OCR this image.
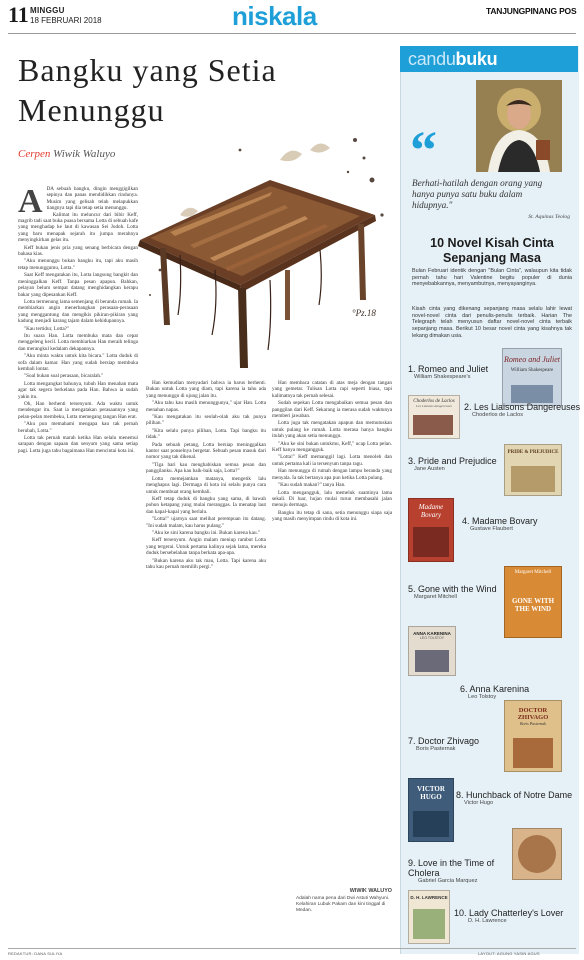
11 MINGGU
18 FEBRUARI 2018	niskala	TANJUNGPINANG POS
Bangku yang Setia
Menunggu
Cerpen Wiwik Waluyo
°Pz.18
A DA sebuah bangku, dingin menggigilkan sepinya dan panas mendidihkan rindunya. Musim yang gelisah telah melapukkan tiangnya tapi dia tetap setia menunggu.

Kalimat itu meluncur dari bibir Keff, magrib tadi saat buka puasa bersama Lotta di sebuah kafe yang menghadap ke laut di kawasan Sei Jodoh. Lotta yang baru menapak sejarah itu jumpa merahnya menyingkirkan gelas itu.

Keff bukan jenis pria yang senang berbicara dengan bahasa kias.

"Aku menunggu bukan bangku itu, tapi aku masih tetap menunggumu, Lotta."

Saat Keff mengatakan itu, Lotta langsung bangkit dan meninggalkan Keff. Tanpa pesan apapun. Bahkan, pelayan belum sempat datang menghidangkan kerapu bakar yang dipesankan Keff.

Lotta termenung lama semenjang di beranda rumah. Ia membiarkan angin menerbangkan perasaan-perasaan yang menggantung dan mengikis pikiran-pikiran yang kadung menjadi karang tajam dalam kehidupannya.

"Kau tertidur, Lotta?"

Itu suara Han. Lotta membuka mata dan cepat menggeleng kecil. Lotta membiarkan Han meraih telinga dan merangkul kedalam dekapannya.

"Aku minta waktu untuk kita bicara." Lotta duduk di sofa dalam kamar. Han yang sudah bersiap membuka kembali lontar.

"Soal bukan soal perasaan, bicaralah."

Lotta mengangkat bahunya, tubuh Han menahan mata agar tak segera berkelana pada Han. Bahwa ia sudah yakin itu.

Oh, Han berhenti tersenyum. Ada waktu untuk mendengar itu. Saat ia mengatakan perasaannya yang pelan-pelan membeku, Lotta memegang tangan Han erat.

"Aku pun memahami mengapa kau tak pernah berubah, Lotta."

Lotta tak pernah marah ketika Han selalu menemui sarapan dengan sapaan dan senyum yang sama setiap pagi. Lotta juga tahu bagaimana Han mencintai kota ini.

Han kemudian menyadari bahwa ia harus berhenti. Bukan untuk Lotta yang diam, tapi karena ia tahu ada yang menunggu di ujung jalan itu.

"Aku tahu kau masih menunggunya," ujar Han. Lotta menahan napas.

"Kau mengatakan itu seolah-olah aku tak punya pilihan."

"Kita selalu punya pilihan, Lotta. Tapi bangku itu tidak."

Pada sebuah petang, Lotta bersiap meninggalkan kantor saat ponselnya bergetar. Sebuah pesan masuk dari nomor yang tak dikenal.

"Tiga hari kau menghabiskan semua pesan dan panggilanku. Apa kau baik-baik saja, Lotta?"

Lotta memejamkan matanya, mengetik lalu menghapus lagi. Dermaga di kota ini selalu punya cara untuk membuat orang kembali.

Keff tetap duduk di bangku yang sama, di bawah pohon ketapang yang mulai meranggas. Ia menatap laut dan kapal-kapal yang berlalu.

"Lotta!" ujarnya saat melihat perempuan itu datang. "Ini sudah malam, kau harus pulang."

"Aku ke sini karena bangku ini. Bukan karena kau."

Keff tersenyum. Angin malam meniup rambut Lotta yang tergerai. Untuk pertama kalinya sejak lama, mereka duduk bersebelahan tanpa berkata apa-apa.

"Bukan karena aku tak mau, Lotta. Tapi karena aku tahu kau pernah memilih pergi."

Han membaca catatan di atas meja dengan tangan yang gemetar. Tulisan Lotta rapi seperti biasa, tapi kalimatnya tak pernah selesai.

Sudah sepekan Lotta mengabaikan semua pesan dan panggilan dari Keff. Sekarang ia merasa sudah waktunya memberi jawaban.

Lotta juga tak mengatakan apapun dan memutuskan untuk pulang ke rumah. Lotta merasa hanya bangku itulah yang akan setia menunggu.

"Aku ke sini bukan untukmu, Keff," ucap Lotta pelan. Keff hanya mengangguk.

"Lotta!" Keff memanggil lagi. Lotta menoleh dan untuk pertama kali ia tersenyum tanpa ragu.

Han menunggu di rumah dengan lampu beranda yang menyala. Ia tak bertanya apa pun ketika Lotta pulang.

"Kau sudah makan?" tanya Han.

Lotta mengangguk, lalu memeluk suaminya lama sekali. Di luar, hujan mulai turun membasahi jalan menuju dermaga.

Bangku itu tetap di sana, setia menunggu siapa saja yang masih menyimpan rindu di kota ini.

WIWIK WALUYO
Adalah nama pena dari Dwi Astuti Wahyuni. Kelahiran Lubuk Pakam dan kini tinggal di Medan.
candubuku
“
Berhati-hatilah dengan orang yang hanya punya satu buku dalam hidupnya."
St. Aquinas Teolog
10 Novel Kisah Cinta Sepanjang Masa
Bulan Februari identik dengan "Bulan Cinta", walaupun kita tidak pernah tahu hari Valentine begitu populer di dunia menyebabkannya, menyambutnya, menyayanginya.
Kisah cinta yang dikenang sepanjang masa selalu lahir lewat novel-novel cinta dari penulis-penulis terbaik. Harian The Telegraph telah menyusun daftar novel-novel cinta terbaik sepanjang masa. Berikut 10 besar novel cinta yang kisahnya tak lekang dimakan usia.
1. Romeo and Juliet
William Shakespeare's
Romeo and Juliet
William Shakespeare
Choderlos de Laclos
Les Liaisons dangereuses	2. Les Liaisons Dangereuses
Choderlos de Laclos
3. Pride and Prejudice
Jane Austen
PRIDE & PREJUDICE
Madame Bovary
4. Madame Bovary
Gustave Flaubert
5. Gone with the Wind
Margaret Mitchell
Margaret Mitchell
GONE WITH THE WIND
ANNA KARENINA
LEO TOLSTOY
6. Anna Karenina
Leo Tolstoy
7. Doctor Zhivago
Boris Pasternak
DOCTOR ZHIVAGO
Boris Pasternak
VICTOR HUGO	8. Hunchback of Notre Dame
Victor Hugo
9. Love in the Time of Cholera
Gabriel Garcia Marquez
D. H. LAWRENCE
10. Lady Chatterley's Lover
D. H. Lawrence
REDAKTUR: DANA SULIYA	LAYOUT: AGUNG YASIN AGUS
